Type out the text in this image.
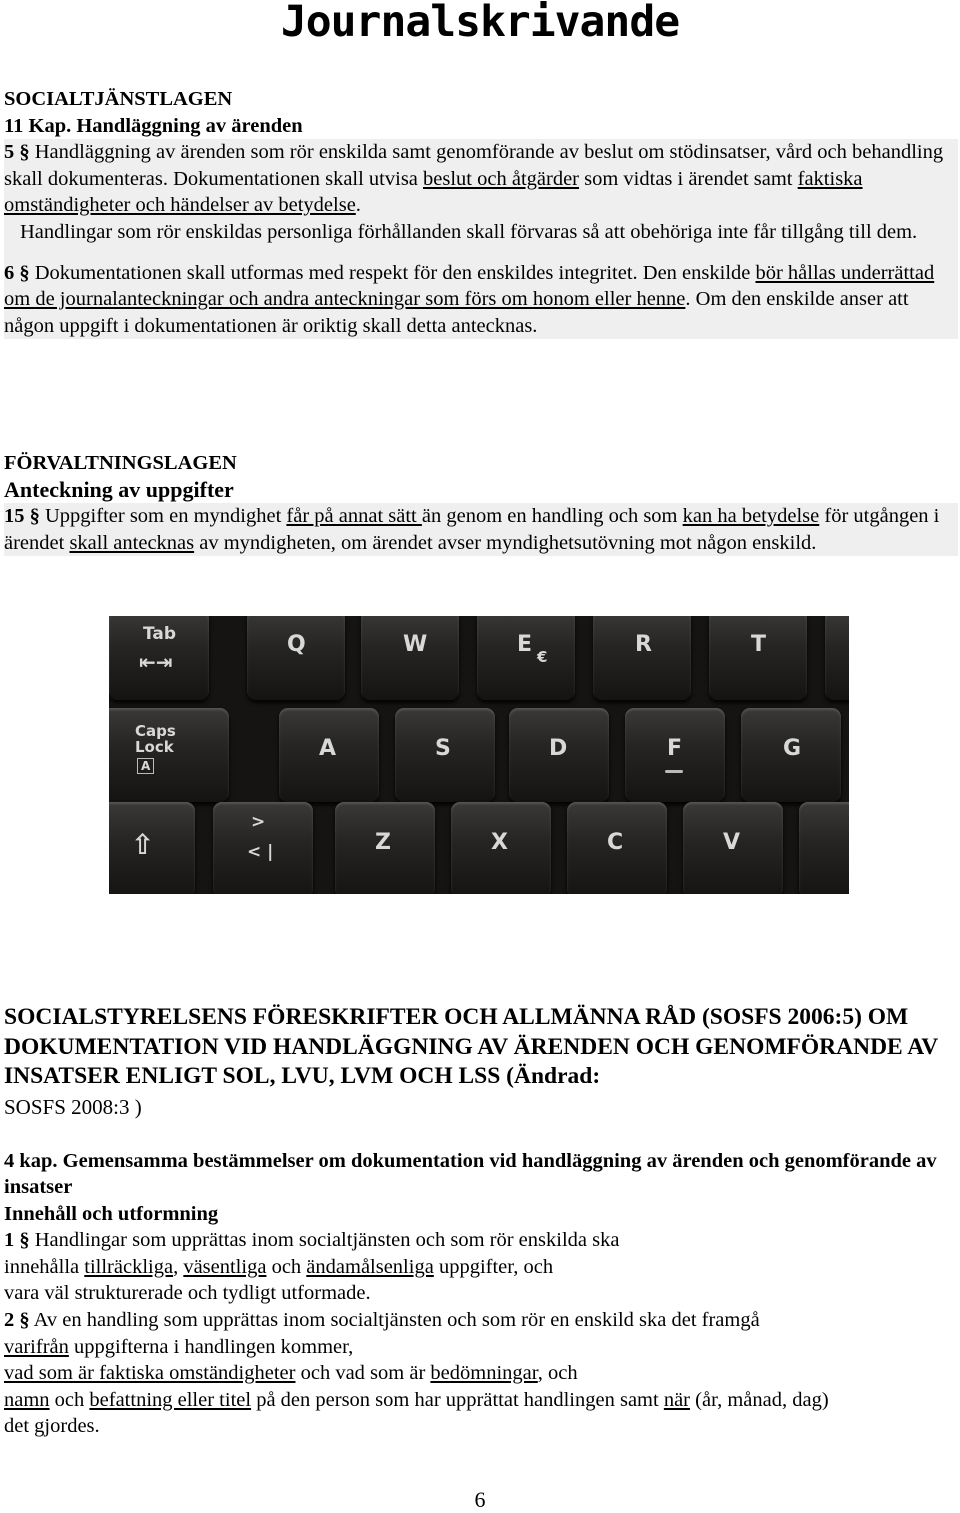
Journalskrivande
SOCIALTJÄNSTLAGEN
11 Kap. Handläggning av ärenden
5 § Handläggning av ärenden som rör enskilda samt genomförande av beslut om stödinsatser, vård och behandling skall dokumenteras. Dokumentationen skall utvisa beslut och åtgärder som vidtas i ärendet samt faktiska omständigheter och händelser av betydelse.
Handlingar som rör enskildas personliga förhållanden skall förvaras så att obehöriga inte får tillgång till dem.
6 § Dokumentationen skall utformas med respekt för den enskildes integritet. Den enskilde bör hållas underrättad om de journalanteckningar och andra anteckningar som förs om honom eller henne. Om den enskilde anser att någon uppgift i dokumentationen är oriktig skall detta antecknas.
FÖRVALTNINGSLAGEN
Anteckning av uppgifter
15 § Uppgifter som en myndighet får på annat sätt än genom en handling och som kan ha betydelse för utgången i ärendet skall antecknas av myndigheten, om ärendet avser myndighetsutövning mot någon enskild.
Tab
⇤⇥
Q	W	E €	R	T
Caps
Lock
A
A	S	D	F	G
⇧
>
< |	Z	X	C	V
SOCIALSTYRELSENS FÖRESKRIFTER OCH ALLMÄNNA RÅD (SOSFS 2006:5) OM DOKUMENTATION VID HANDLÄGGNING AV ÄRENDEN OCH GENOMFÖRANDE AV INSATSER ENLIGT SOL, LVU, LVM OCH LSS (Ändrad:
SOSFS 2008:3 )
4 kap. Gemensamma bestämmelser om dokumentation vid handläggning av ärenden och genomförande av insatser
Innehåll och utformning
1 § Handlingar som upprättas inom socialtjänsten och som rör enskilda ska
innehålla tillräckliga, väsentliga och ändamålsenliga uppgifter, och
vara väl strukturerade och tydligt utformade.
2 § Av en handling som upprättas inom socialtjänsten och som rör en enskild ska det framgå
varifrån uppgifterna i handlingen kommer,
vad som är faktiska omständigheter och vad som är bedömningar, och
namn och befattning eller titel på den person som har upprättat handlingen samt när (år, månad, dag)
det gjordes.
6
